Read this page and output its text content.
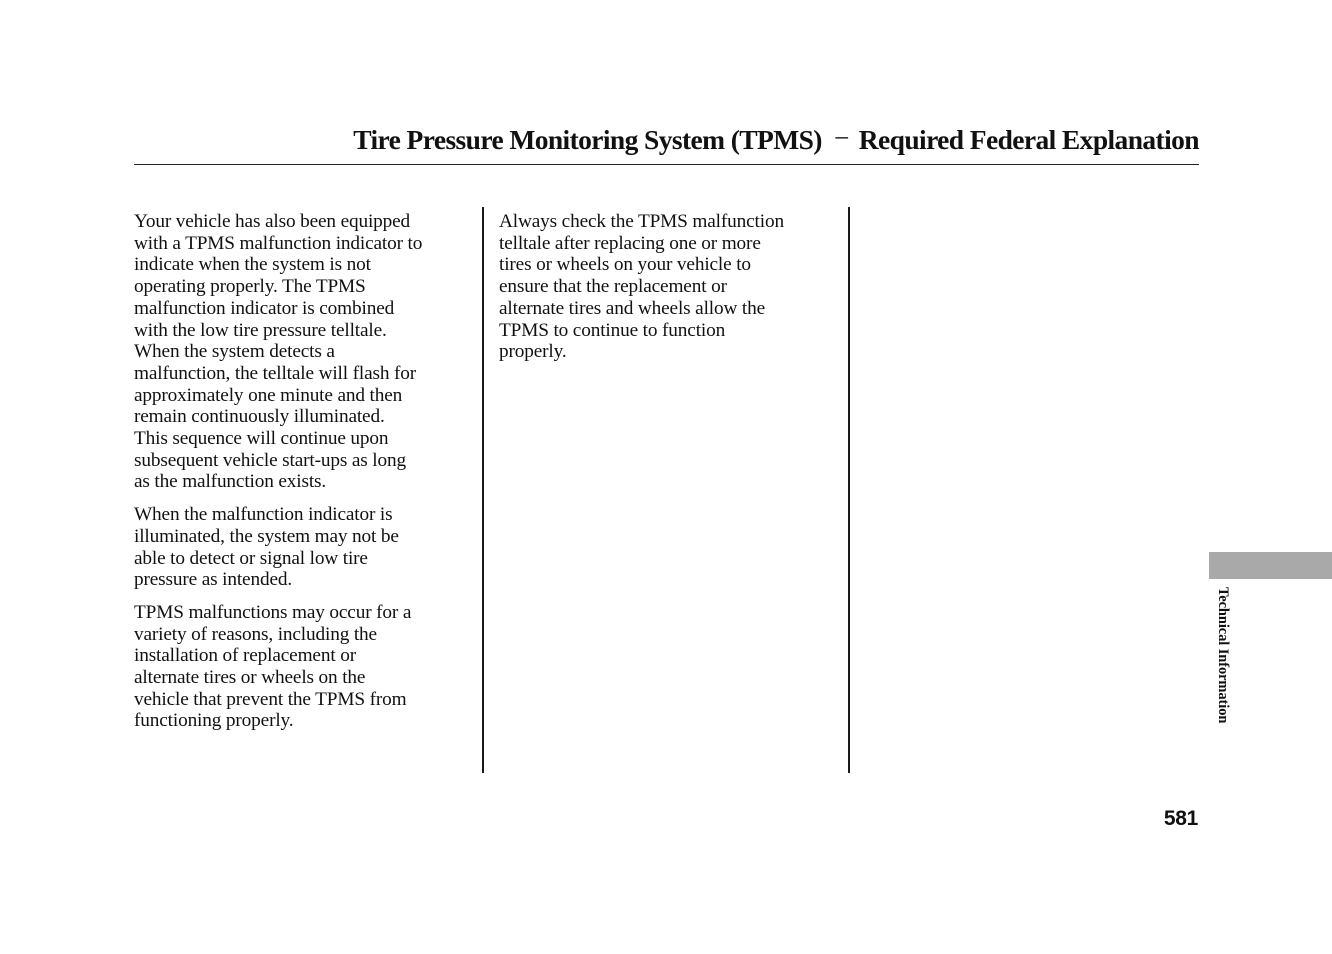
Tire Pressure Monitoring System (TPMS) − Required Federal Explanation

Your vehicle has also been equipped
with a TPMS malfunction indicator to
indicate when the system is not
operating properly. The TPMS
malfunction indicator is combined
with the low tire pressure telltale.
When the system detects a
malfunction, the telltale will flash for
approximately one minute and then
remain continuously illuminated.
This sequence will continue upon
subsequent vehicle start-ups as long
as the malfunction exists.

When the malfunction indicator is
illuminated, the system may not be
able to detect or signal low tire
pressure as intended.

TPMS malfunctions may occur for a
variety of reasons, including the
installation of replacement or
alternate tires or wheels on the
vehicle that prevent the TPMS from
functioning properly.

Always check the TPMS malfunction
telltale after replacing one or more
tires or wheels on your vehicle to
ensure that the replacement or
alternate tires and wheels allow the
TPMS to continue to function
properly.

Technical Information
581
